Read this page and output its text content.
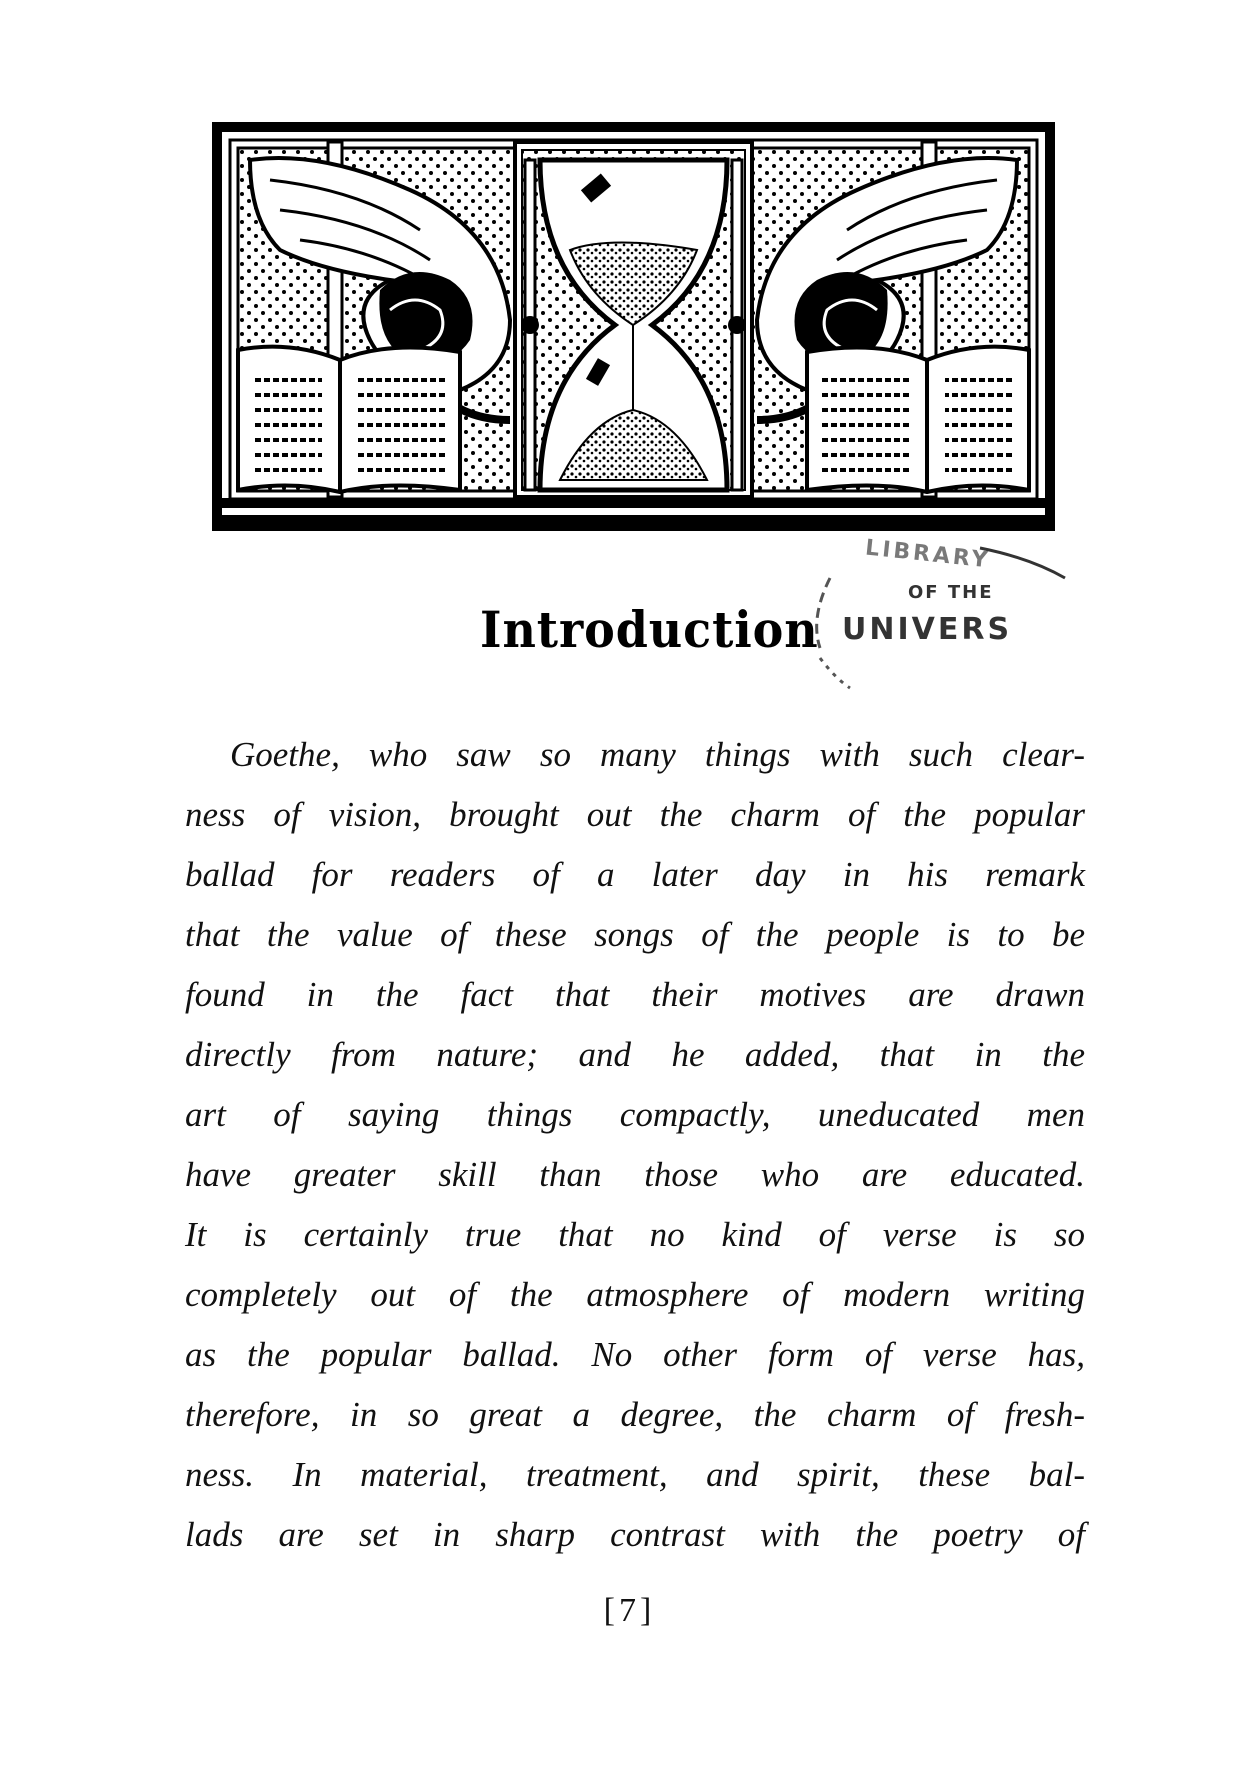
LIBRARY
OF THE
UNIVERS
Introduction
Goethe, who saw so many things with such clear-
ness of vision, brought out the charm of the popular
ballad for readers of a later day in his remark
that the value of these songs of the people is to be
found in the fact that their motives are drawn
directly from nature; and he added, that in the
art of saying things compactly, uneducated men
have greater skill than those who are educated.
It is certainly true that no kind of verse is so
completely out of the atmosphere of modern writing
as the popular ballad. No other form of verse has,
therefore, in so great a degree, the charm of fresh-
ness. In material, treatment, and spirit, these bal-
lads are set in sharp contrast with the poetry of
[7]
